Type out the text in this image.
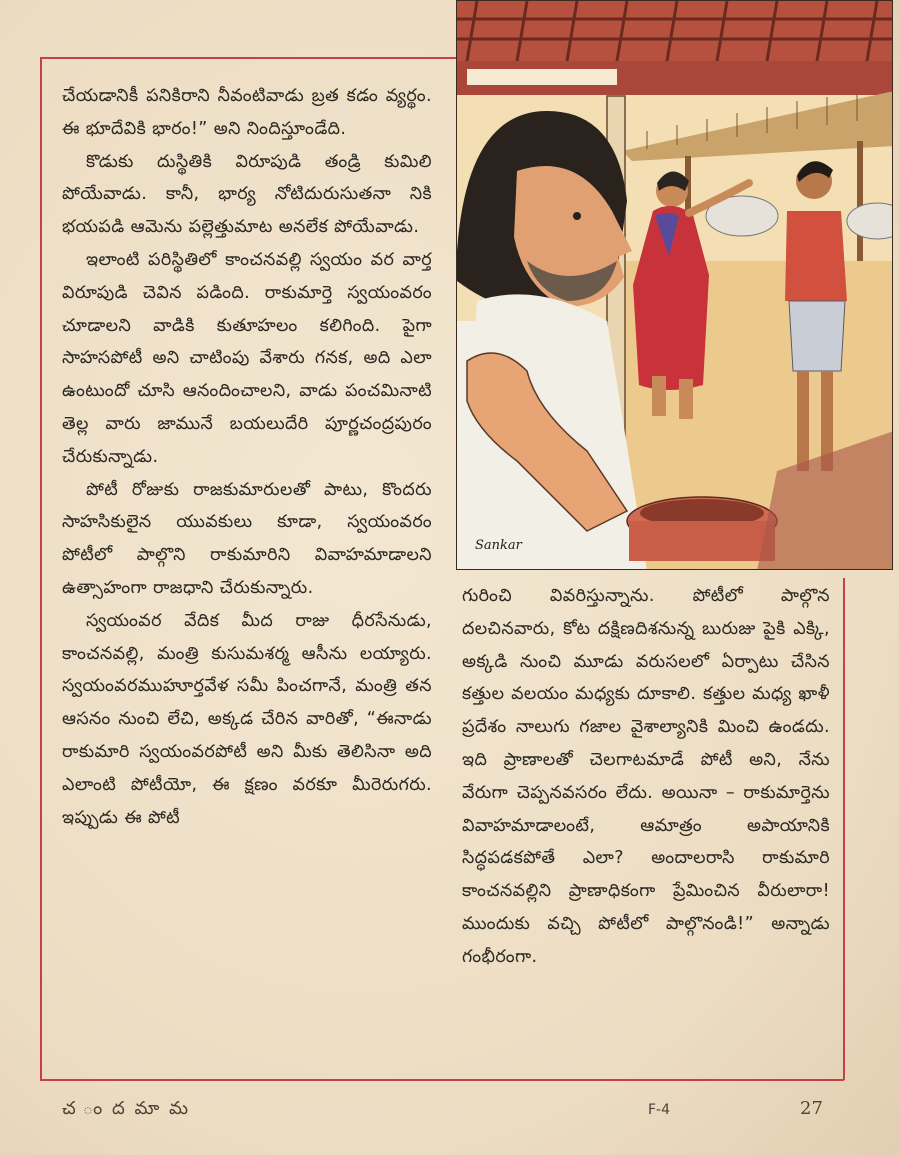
చేయడానికీ పనికిరాని నీవంటివాడు బ్రత కడం వ్యర్థం. ఈ భూదేవికి భారం!” అని నిందిస్తూండేది.

కొడుకు దుస్థితికి విరూపుడి తండ్రి కుమిలి పోయేవాడు. కానీ, భార్య నోటిదురుసుతనా నికి భయపడి ఆమెను పల్లెత్తుమాట అనలేక పోయేవాడు.

ఇలాంటి పరిస్థితిలో కాంచనవల్లి స్వయం వర వార్త విరూపుడి చెవిన పడింది. రాకుమార్తె స్వయంవరం చూడాలని వాడికి కుతూహలం కలిగింది. పైగా సాహసపోటీ అని చాటింపు వేశారు గనక, అది ఎలా ఉంటుందో చూసి ఆనందించాలని, వాడు పంచమినాటి తెల్ల వారు జామునే బయలుదేరి పూర్ణచంద్రపురం చేరుకున్నాడు.

పోటీ రోజుకు రాజకుమారులతో పాటు, కొందరు సాహసికులైన యువకులు కూడా, స్వయంవరం పోటీలో పాల్గొని రాకుమారిని వివాహమాడాలని ఉత్సాహంగా రాజధాని చేరుకున్నారు.

స్వయంవర వేదిక మీద రాజు ధీరసేనుడు, కాంచనవల్లి, మంత్రి కుసుమశర్మ ఆసీను లయ్యారు. స్వయంవరముహూర్తవేళ సమీ పించగానే, మంత్రి తన ఆసనం నుంచి లేచి, అక్కడ చేరిన వారితో, “ఈనాడు రాకుమారి స్వయంవరపోటీ అని మీకు తెలిసినా అది ఎలాంటి పోటీయో, ఈ క్షణం వరకూ మీరెరుగరు. ఇప్పుడు ఈ పోటీ

గురించి వివరిస్తున్నాను. పోటీలో పాల్గొన దలచినవారు, కోట దక్షిణదిశనున్న బురుజు పైకి ఎక్కి, అక్కడి నుంచి మూడు వరుసలలో ఏర్పాటు చేసిన కత్తుల వలయం మధ్యకు దూకాలి. కత్తుల మధ్య ఖాళీ ప్రదేశం నాలుగు గజాల వైశాల్యానికి మించి ఉండదు. ఇది ప్రాణాలతో చెలగాటమాడే పోటీ అని, నేను వేరుగా చెప్పనవసరం లేదు. అయినా – రాకుమార్తెను వివాహమాడాలంటే, ఆమాత్రం అపాయానికి సిద్ధపడకపోతే ఎలా? అందాలరాసి రాకుమారి కాంచనవల్లిని ప్రాణాధికంగా ప్రేమించిన వీరులారా! ముందుకు వచ్చి పోటీలో పాల్గొనండి!” అన్నాడు గంభీరంగా.

Sankar
చ ం ద మా మ	F-4	27
